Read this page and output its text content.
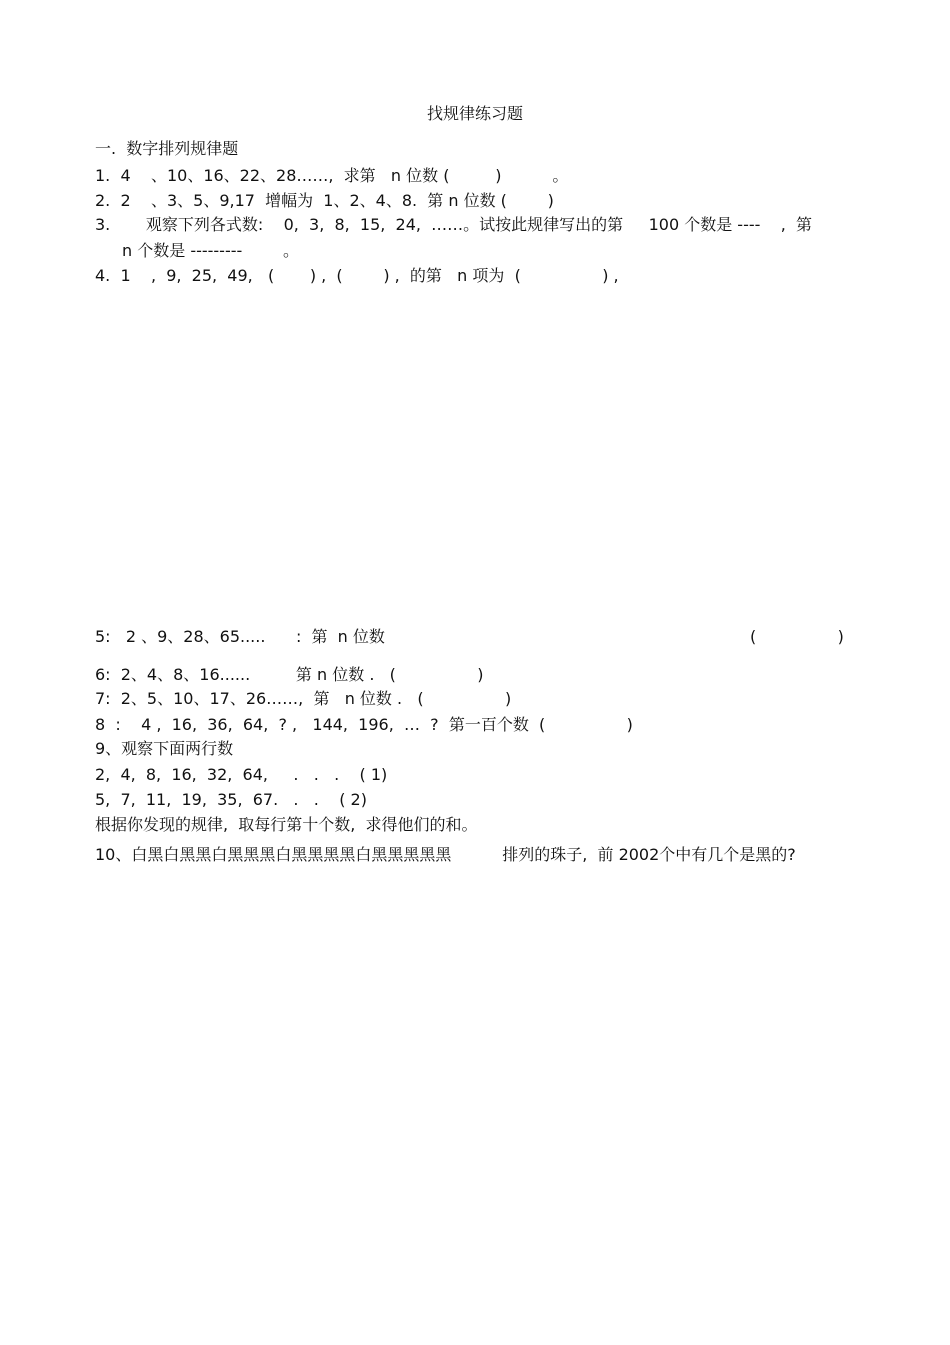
找规律练习题
一.  数字排列规律题
1.  4    、10、16、22、28……,  求第   n 位数 (         )          。
2.  2    、3、5、9,17  增幅为  1、2、4、8.  第 n 位数 (        )
3.       观察下列各式数:    0,  3,  8,  15,  24,  ……。试按此规律写出的第     100 个数是 ----    ,  第
n 个数是 ---------        。
4.  1    ,  9,  25,  49,   (       ) ,  (        ) ,  的第   n 项为  (                ) ,
5:   2 、9、28、65.....      :  第  n 位数	(                )
6:  2、4、8、16......         第 n 位数 .   (                )
7:  2、5、10、17、26……,  第   n 位数 .   (                )
8  :    4 ,  16,  36,  64,  ? ,   144,  196,  …  ?  第一百个数  (                )
9、观察下面两行数
2,  4,  8,  16,  32,  64,     .   .   .    ( 1)
5,  7,  11,  19,  35,  67.   .   .    ( 2)
根据你发现的规律,  取每行第十个数,  求得他们的和。
10、白黑白黑黑白黑黑黑白黑黑黑黑白黑黑黑黑黑          排列的珠子,  前 2002个中有几个是黑的?
